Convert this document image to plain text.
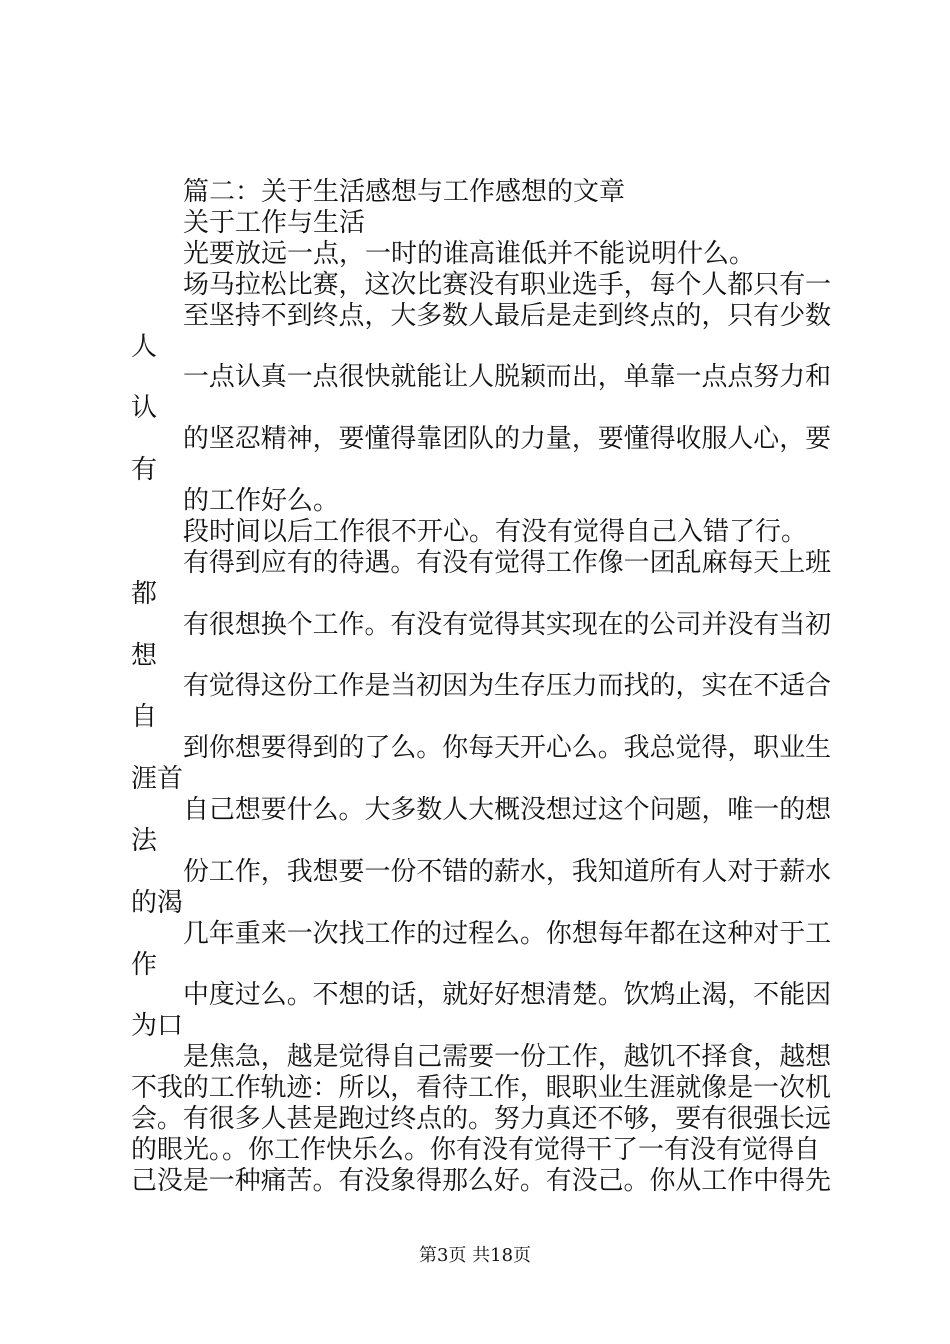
篇二：关于生活感想与工作感想的文章
关于工作与生活
光要放远一点，一时的谁高谁低并不能说明什么。
场马拉松比赛，这次比赛没有职业选手，每个人都只有一
至坚持不到终点，大多数人最后是走到终点的，只有少数
人
一点认真一点很快就能让人脱颖而出，单靠一点点努力和
认
的坚忍精神，要懂得靠团队的力量，要懂得收服人心，要
有
的工作好么。
段时间以后工作很不开心。有没有觉得自己入错了行。
有得到应有的待遇。有没有觉得工作像一团乱麻每天上班
都
有很想换个工作。有没有觉得其实现在的公司并没有当初
想
有觉得这份工作是当初因为生存压力而找的，实在不适合
自
到你想要得到的了么。你每天开心么。我总觉得，职业生
涯首
自己想要什么。大多数人大概没想过这个问题，唯一的想
法
份工作，我想要一份不错的薪水，我知道所有人对于薪水
的渴
几年重来一次找工作的过程么。你想每年都在这种对于工
作
中度过么。不想的话，就好好想清楚。饮鸩止渴，不能因
为口
是焦急，越是觉得自己需要一份工作，越饥不择食，越想
不我的工作轨迹：所以，看待工作，眼职业生涯就像是一次机
会。有很多人甚是跑过终点的。努力真还不够，要有很强长远
的眼光。。你工作快乐么。你有没有觉得干了一有没有觉得自
己没是一种痛苦。有没象得那么好。有没己。你从工作中得先
第3页 共18页
